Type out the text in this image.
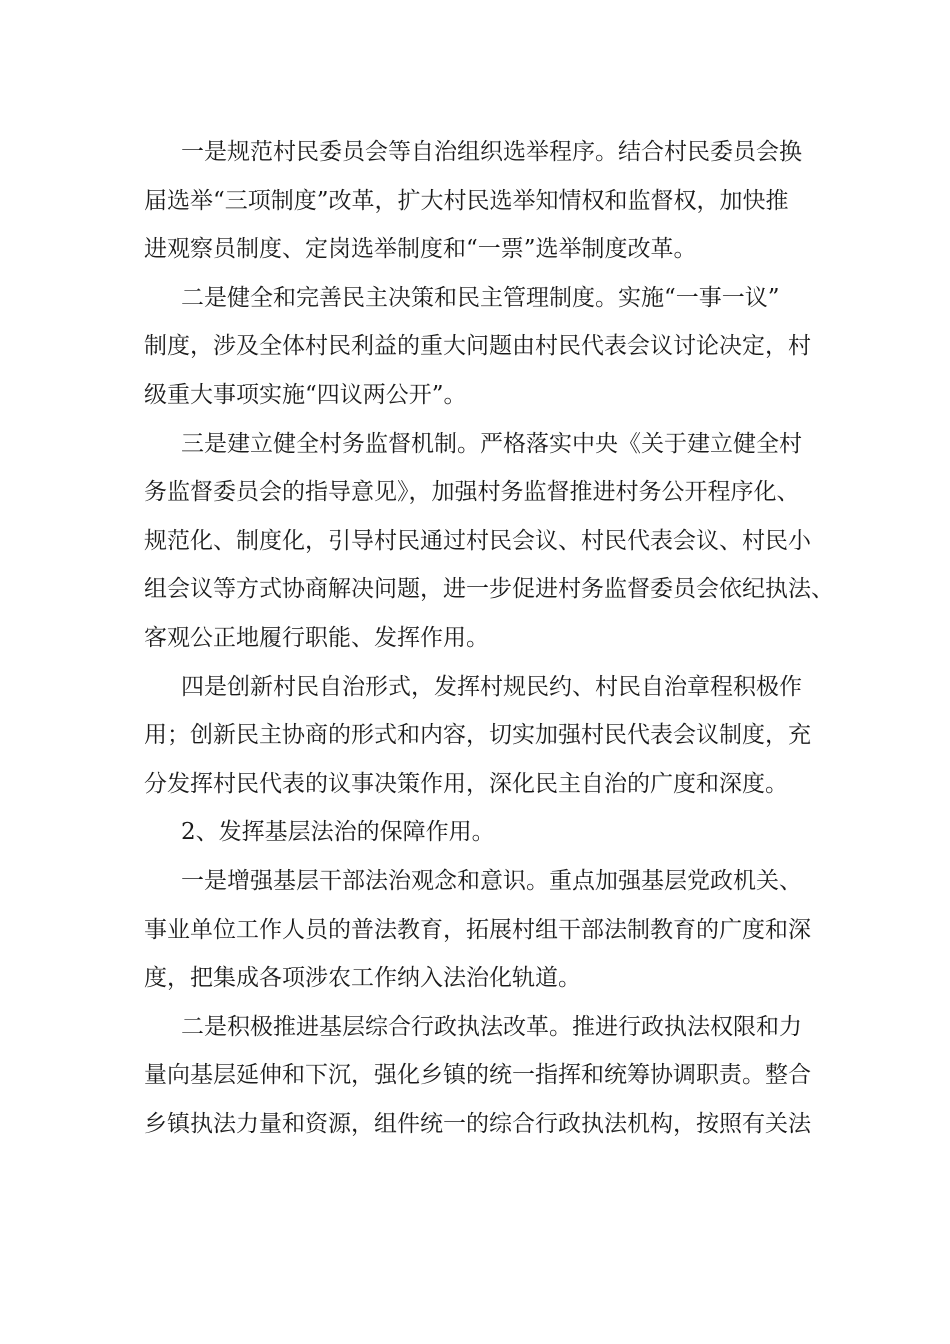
一是规范村民委员会等自治组织选举程序。结合村民委员会换
届选举“三项制度”改革，扩大村民选举知情权和监督权，加快推
进观察员制度、定岗选举制度和“一票”选举制度改革。
二是健全和完善民主决策和民主管理制度。实施“一事一议”
制度，涉及全体村民利益的重大问题由村民代表会议讨论决定，村
级重大事项实施“四议两公开”。
三是建立健全村务监督机制。严格落实中央《关于建立健全村
务监督委员会的指导意见》，加强村务监督推进村务公开程序化、
规范化、制度化，引导村民通过村民会议、村民代表会议、村民小
组会议等方式协商解决问题，进一步促进村务监督委员会依纪执法、
客观公正地履行职能、发挥作用。
四是创新村民自治形式，发挥村规民约、村民自治章程积极作
用；创新民主协商的形式和内容，切实加强村民代表会议制度，充
分发挥村民代表的议事决策作用，深化民主自治的广度和深度。
2、发挥基层法治的保障作用。
一是增强基层干部法治观念和意识。重点加强基层党政机关、
事业单位工作人员的普法教育，拓展村组干部法制教育的广度和深
度，把集成各项涉农工作纳入法治化轨道。
二是积极推进基层综合行政执法改革。推进行政执法权限和力
量向基层延伸和下沉，强化乡镇的统一指挥和统筹协调职责。整合
乡镇执法力量和资源，组件统一的综合行政执法机构，按照有关法
